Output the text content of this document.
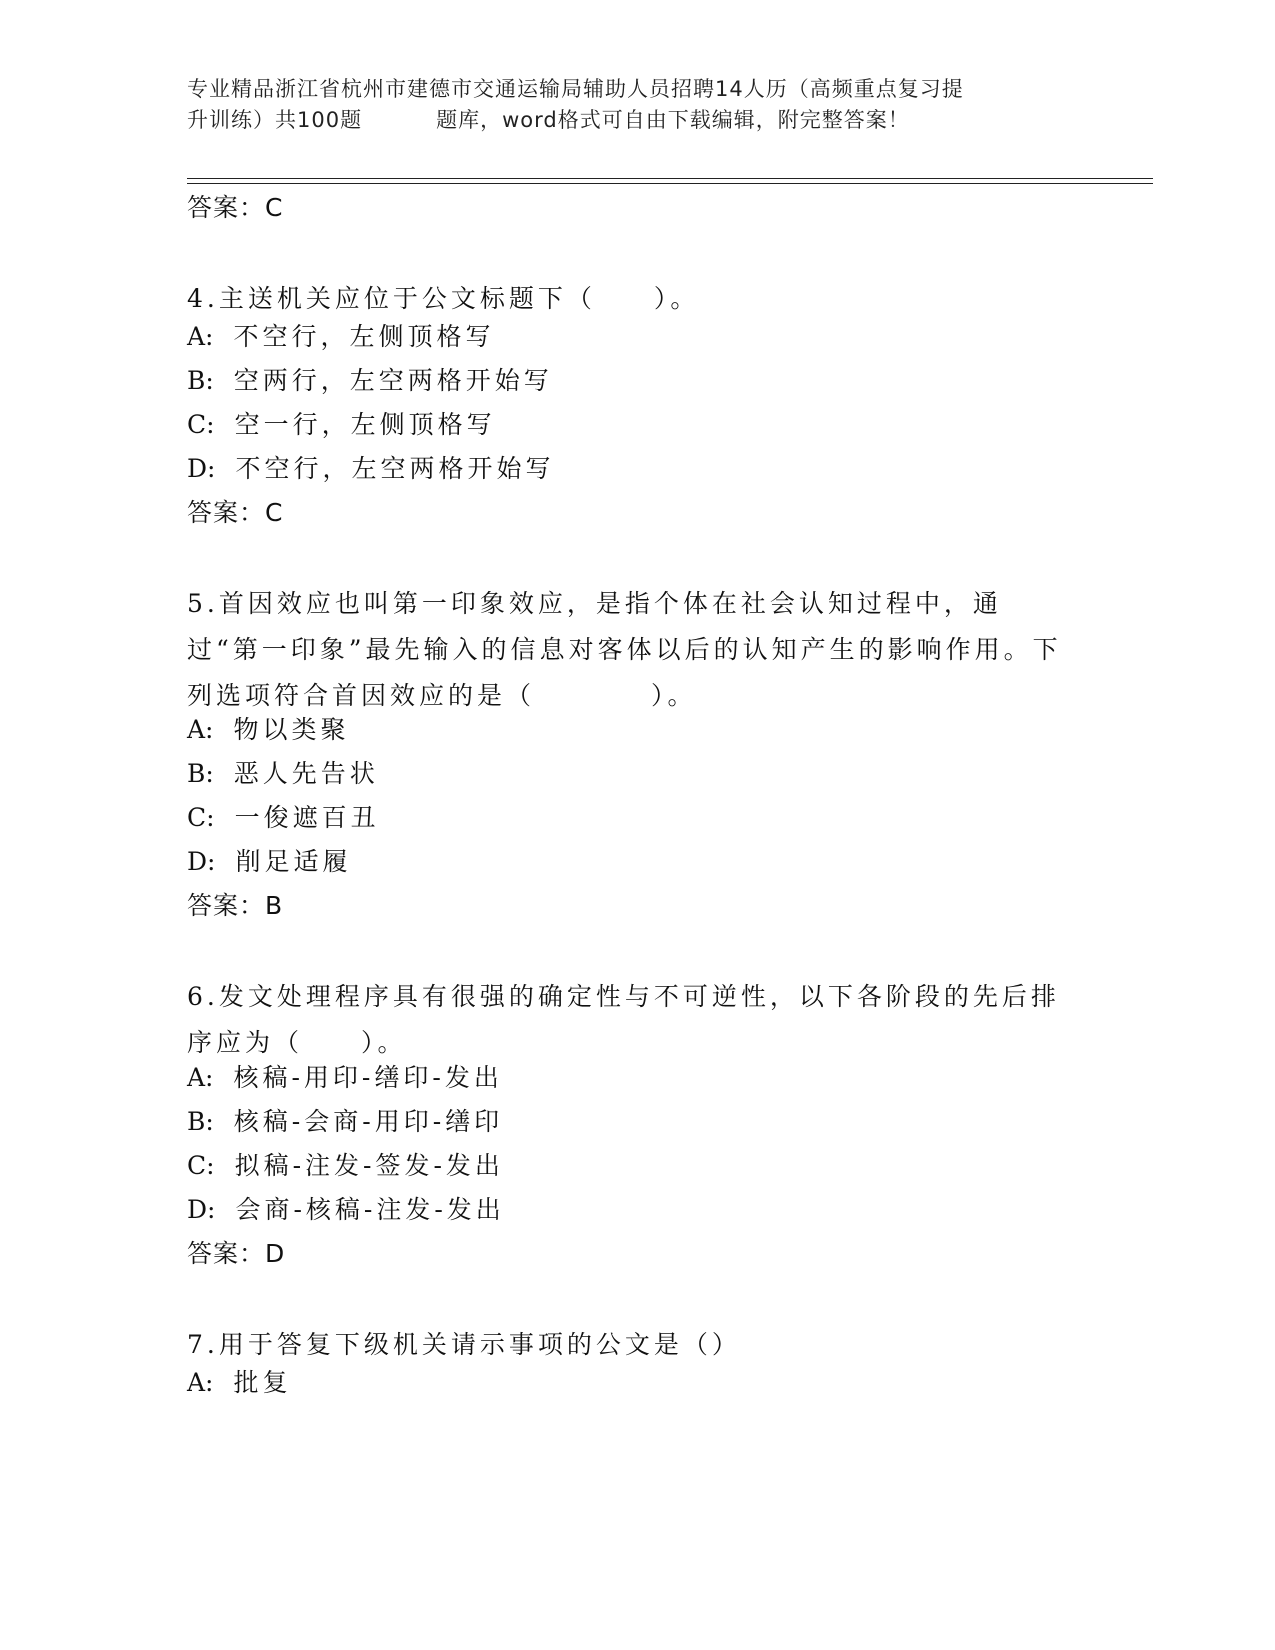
专业精品浙江省杭州市建德市交通运输局辅助人员招聘14人历（高频重点复习提
升训练）共100题	题库，word格式可自由下载编辑，附完整答案！
答案：C
4.主送机关应位于公文标题下（　　）。
A: 不空行，左侧顶格写
B: 空两行，左空两格开始写
C: 空一行，左侧顶格写
D: 不空行，左空两格开始写
答案：C
5.首因效应也叫第一印象效应，是指个体在社会认知过程中，通过“第一印象”最先输入的信息对客体以后的认知产生的影响作用。下列选项符合首因效应的是（　　　　）。
A: 物以类聚
B: 恶人先告状
C: 一俊遮百丑
D: 削足适履
答案：B
6.发文处理程序具有很强的确定性与不可逆性，以下各阶段的先后排序应为（　　）。
A: 核稿-用印-缮印-发出
B: 核稿-会商-用印-缮印
C: 拟稿-注发-签发-发出
D: 会商-核稿-注发-发出
答案：D
7.用于答复下级机关请示事项的公文是（）
A: 批复
